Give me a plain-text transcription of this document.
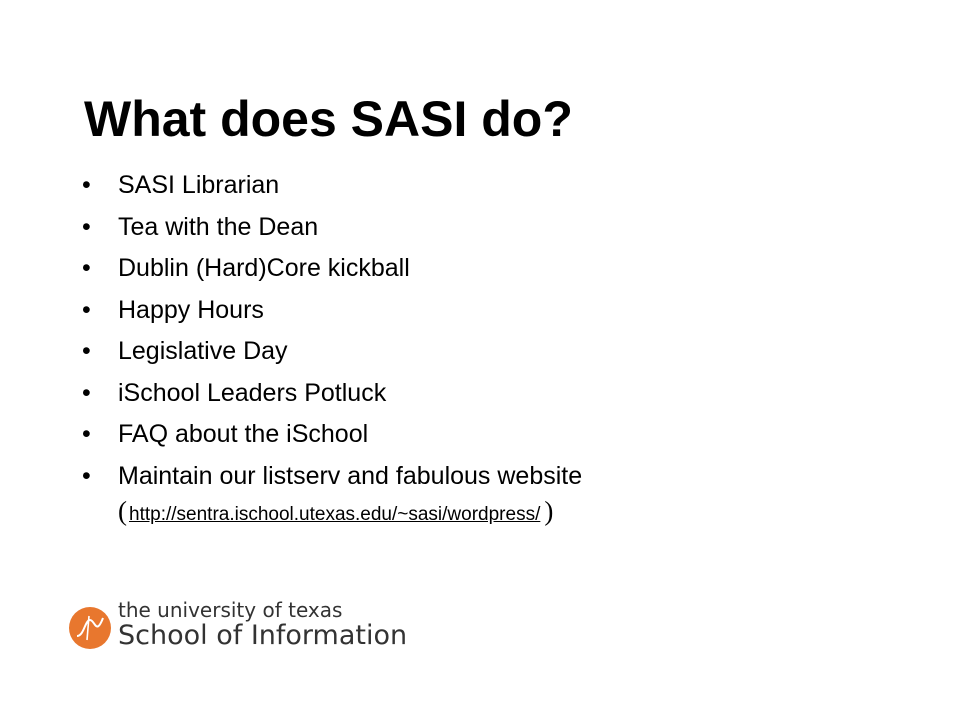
What does SASI do?
• SASI Librarian
• Tea with the Dean
• Dublin (Hard)Core kickball
• Happy Hours
• Legislative Day
• iSchool Leaders Potluck
• FAQ about the iSchool
• Maintain our listserv and fabulous website
( http://sentra.ischool.utexas.edu/~sasi/wordpress/ )
the university of texas
School of Information
